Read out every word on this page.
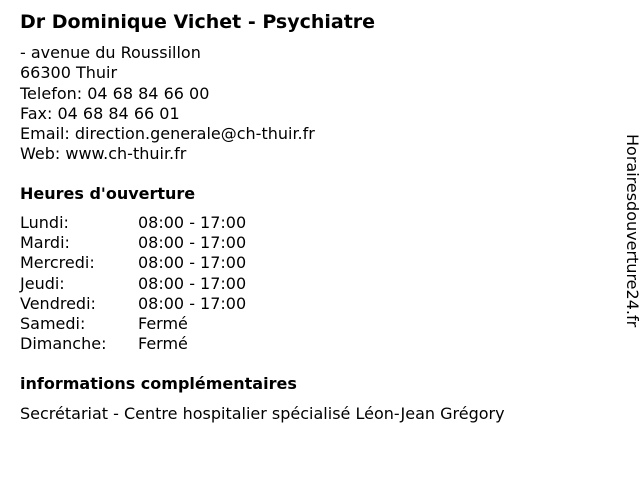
Dr Dominique Vichet - Psychiatre
- avenue du Roussillon
66300 Thuir
Telefon: 04 68 84 66 00
Fax: 04 68 84 66 01
Email: direction.generale@ch-thuir.fr
Web: www.ch-thuir.fr
Heures d'ouverture
Lundi:	08:00 - 17:00
Mardi:	08:00 - 17:00
Mercredi:	08:00 - 17:00
Jeudi:	08:00 - 17:00
Vendredi:	08:00 - 17:00
Samedi:	Fermé
Dimanche: Fermé
informations complémentaires
Secrétariat - Centre hospitalier spécialisé Léon-Jean Grégory
Horairesdouverture24.fr
